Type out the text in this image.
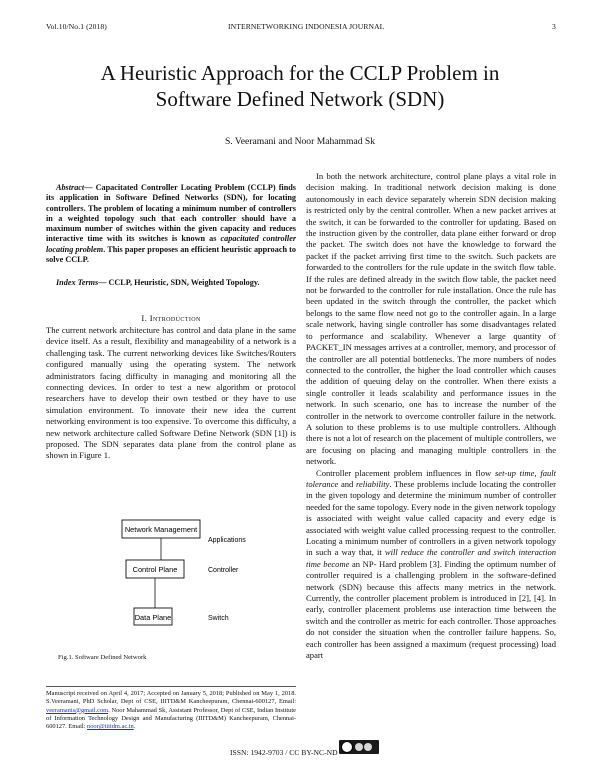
Vol.10/No.1 (2018)	INTERNETWORKING INDONESIA JOURNAL	3
A Heuristic Approach for the CCLP Problem in
Software Defined Network (SDN)
S. Veeramani and Noor Mahammad Sk

Abstract— Capacitated Controller Locating Problem (CCLP) finds its application in Software Defined Networks (SDN), for locating controllers. The problem of locating a minimum number of controllers in a weighted topology such that each controller should have a maximum number of switches within the given capacity and reduces interactive time with its switches is known as capacitated controller locating problem. This paper proposes an efficient heuristic approach to solve CCLP.

Index Terms— CCLP, Heuristic, SDN, Weighted Topology.

I. Introduction

The current network architecture has control and data plane in the same device itself. As a result, flexibility and manageability of a network is a challenging task. The current networking devices like Switches/Routers configured manually using the operating system. The network administrators facing difficulty in managing and monitoring all the connecting devices. In order to test a new algorithm or protocol researchers have to develop their own testbed or they have to use simulation environment. To innovate their new idea the current networking environment is too expensive. To overcome this difficulty, a new network architecture called Software Define Network (SDN [1]) is proposed. The SDN separates data plane from the control plane as shown in Figure 1.

Network Management
Applications
Control Plane	Controller
Data Plane	Switch
Fig.1. Software Defined Network
Manuscript received on April 4, 2017; Accepted on January 5, 2018; Published on May 1, 2018. S.Veeramani, PhD Scholar, Dept of CSE, IIITD&M Kancheepuram, Chennai-600127, Email: veeramanis@gmail.com. Noor Mahammad Sk, Assistant Professor, Dept of CSE, Indian Institute of Information Technology Design and Manufacturing (IIITD&M) Kancheepuram, Chennai-600127. Email: noor@iiitdm.ac.in.

In both the network architecture, control plane plays a vital role in decision making. In traditional network decision making is done autonomously in each device separately wherein SDN decision making is restricted only by the central controller. When a new packet arrives at the switch, it can be forwarded to the controller for updating. Based on the instruction given by the controller, data plane either forward or drop the packet. The switch does not have the knowledge to forward the packet if the packet arriving first time to the switch. Such packets are forwarded to the controllers for the rule update in the switch flow table. If the rules are defined already in the switch flow table, the packet need not be forwarded to the controller for rule installation. Once the rule has been updated in the switch through the controller, the packet which belongs to the same flow need not go to the controller again. In a large scale network, having single controller has some disadvantages related to performance and scalability. Whenever a large quantity of PACKET_IN messages arrives at a controller, memory, and processor of the controller are all potential bottlenecks. The more numbers of nodes connected to the controller, the higher the load controller which causes the addition of queuing delay on the controller. When there exists a single controller it leads scalability and performance issues in the network. In such scenario, one has to increase the number of the controller in the network to overcome controller failure in the network. A solution to these problems is to use multiple controllers. Although there is not a lot of research on the placement of multiple controllers, we are focusing on placing and managing multiple controllers in the network.

Controller placement problem influences in flow set-up time, fault tolerance and reliability. These problems include locating the controller in the given topology and determine the minimum number of controller needed for the same topology. Every node in the given network topology is associated with weight value called capacity and every edge is associated with weight value called processing request to the controller. Locating a minimum number of controllers in a given network topology in such a way that, it will reduce the controller and switch interaction time become an NP- Hard problem [3]. Finding the optimum number of controller required is a challenging problem in the software-defined network (SDN) because this affects many metrics in the network. Currently, the controller placement problem is introduced in [2], [4]. In early, controller placement problems use interaction time between the switch and the controller as metric for each controller. Those approaches do not consider the situation when the controller failure happens. So, each controller has been assigned a maximum (request processing) load apart

ISSN: 1942-9703 / CC BY-NC-ND
